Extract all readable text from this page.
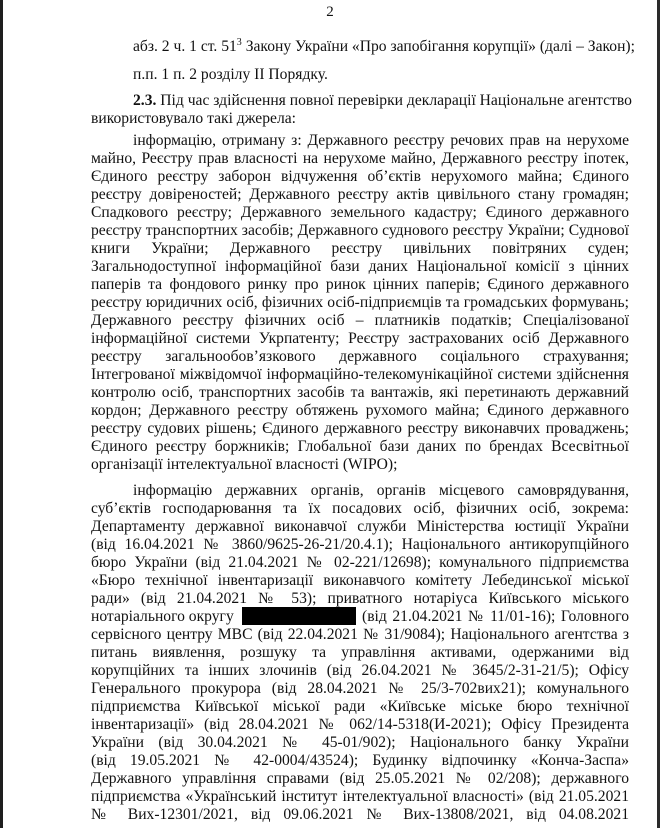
2
абз. 2 ч. 1 ст. $51^3$ Закону України «Про запобігання корупції» (далі – Закон);
п.п. 1 п. 2 розділу ІІ Порядку.
2.3. Під час здійснення повної перевірки декларації Національне агентство
використовувало такі джерела:
інформацію, отриману з: Державного реєстру речових прав на нерухоме
майно, Реєстру прав власності на нерухоме майно, Державного реєстру іпотек,
Єдиного реєстру заборон відчуження об’єктів нерухомого майна; Єдиного
реєстру довіреностей; Державного реєстру актів цивільного стану громадян;
Спадкового реєстру; Державного земельного кадастру; Єдиного державного
реєстру транспортних засобів; Державного суднового реєстру України; Суднової
книги України; Державного реєстру цивільних повітряних суден;
Загальнодоступної інформаційної бази даних Національної комісії з цінних
паперів та фондового ринку про ринок цінних паперів; Єдиного державного
реєстру юридичних осіб, фізичних осіб-підприємців та громадських формувань;
Державного реєстру фізичних осіб – платників податків; Спеціалізованої
інформаційної системи Укрпатенту; Реєстру застрахованих осіб Державного
реєстру загальнообов’язкового державного соціального страхування;
Інтегрованої міжвідомчої інформаційно-телекомунікаційної системи здійснення
контролю осіб, транспортних засобів та вантажів, які перетинають державний
кордон; Державного реєстру обтяжень рухомого майна; Єдиного державного
реєстру судових рішень; Єдиного державного реєстру виконавчих проваджень;
Єдиного реєстру боржників; Глобальної бази даних по брендах Всесвітньої
організації інтелектуальної власності (WIPO);
інформацію державних органів, органів місцевого самоврядування,
суб’єктів господарювання та їх посадових осіб, фізичних осіб, зокрема:
Департаменту державної виконавчої служби Міністерства юстиції України
(від 16.04.2021 № 3860/9625-26-21/20.4.1); Національного антикорупційного
бюро України (від 21.04.2021 № 02-221/12698); комунального підприємства
«Бюро технічної інвентаризації виконавчого комітету Лебединської міської
ради» (від 21.04.2021 № 53); приватного нотаріуса Київського міського
нотаріального округу	(від 21.04.2021 № 11/01-16); Головного
сервісного центру МВС (від 22.04.2021 № 31/9084); Національного агентства з
питань виявлення, розшуку та управління активами, одержаними від
корупційних та інших злочинів (від 26.04.2021 № 3645/2-31-21/5); Офісу
Генерального прокурора (від 28.04.2021 № 25/3-702вих21); комунального
підприємства Київської міської ради «Київське міське бюро технічної
інвентаризації» (від 28.04.2021 № 062/14-5318(И-2021); Офісу Президента
України (від 30.04.2021 № 45-01/902); Національного банку України
(від 19.05.2021 № 42-0004/43524); Будинку відпочинку «Конча-Заспа»
Державного управління справами (від 25.05.2021 № 02/208); державного
підприємства «Український інститут інтелектуальної власності» (від 21.05.2021
№ Вих-12301/2021, від 09.06.2021 № Вих-13808/2021, від 04.08.2021
